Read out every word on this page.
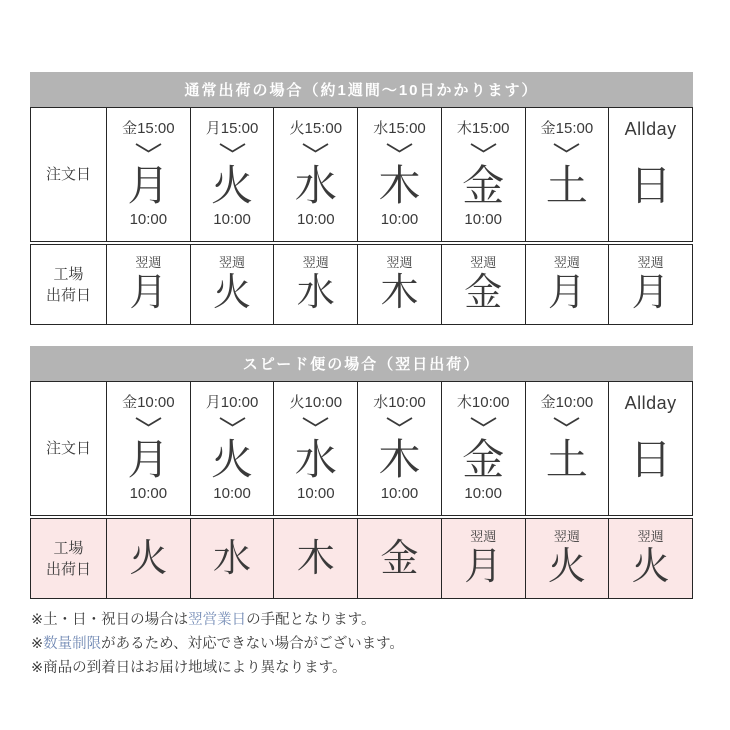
通常出荷の場合（約1週間〜10日かかります）
注文日
金15:00
月
10:00
月15:00
火
10:00
火15:00
水
10:00
水15:00
木
10:00
木15:00
金
10:00
金15:00
土
Allday
日
工場
出荷日
翌週
月
翌週
火
翌週
水
翌週
木
翌週
金
翌週
月
翌週
月
スピード便の場合（翌日出荷）
注文日
金10:00
月
10:00
月10:00
火
10:00
火10:00
水
10:00
水10:00
木
10:00
木10:00
金
10:00
金10:00
土
Allday
日
工場
出荷日 火 水 木 金
翌週
月
翌週
火
翌週
火
※土・日・祝日の場合は翌営業日の手配となります。
※数量制限があるため、対応できない場合がございます。
※商品の到着日はお届け地域により異なります。
